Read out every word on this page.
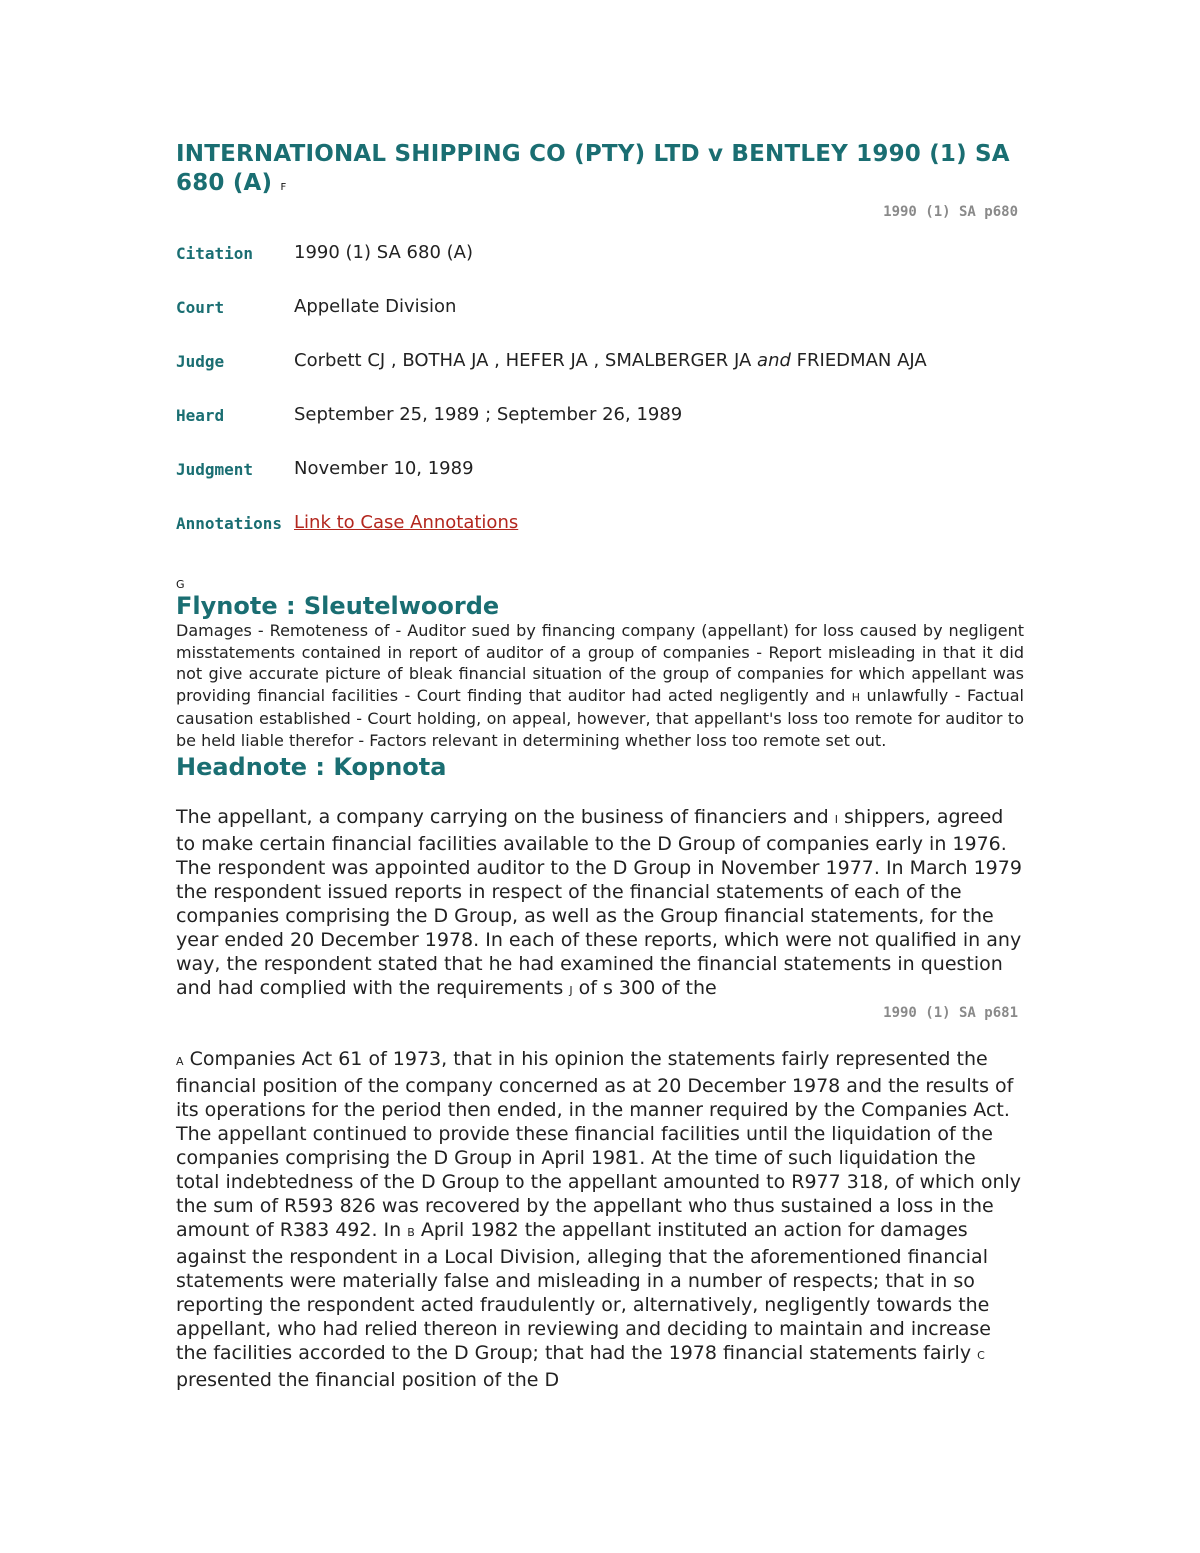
INTERNATIONAL SHIPPING CO (PTY) LTD v BENTLEY 1990 (1) SA 680 (A) F
1990 (1) SA p680
Citation	1990 (1) SA 680 (A)
Court	Appellate Division
Judge	Corbett CJ , BOTHA JA , HEFER JA , SMALBERGER JA and FRIEDMAN AJA
Heard	September 25, 1989 ; September 26, 1989
Judgment	November 10, 1989
Annotations Link to Case Annotations
G
Flynote : Sleutelwoorde

Damages - Remoteness of - Auditor sued by financing company (appellant) for loss caused by negligent misstatements contained in report of auditor of a group of companies - Report misleading in that it did not give accurate picture of bleak financial situation of the group of companies for which appellant was providing financial facilities - Court finding that auditor had acted negligently and H unlawfully - Factual causation established - Court holding, on appeal, however, that appellant's loss too remote for auditor to be held liable therefor - Factors relevant in determining whether loss too remote set out.

Headnote : Kopnota

The appellant, a company carrying on the business of financiers and I shippers, agreed to make certain financial facilities available to the D Group of companies early in 1976. The respondent was appointed auditor to the D Group in November 1977. In March 1979 the respondent issued reports in respect of the financial statements of each of the companies comprising the D Group, as well as the Group financial statements, for the year ended 20 December 1978. In each of these reports, which were not qualified in any way, the respondent stated that he had examined the financial statements in question and had complied with the requirements J of s 300 of the

1990 (1) SA p681

A Companies Act 61 of 1973, that in his opinion the statements fairly represented the financial position of the company concerned as at 20 December 1978 and the results of its operations for the period then ended, in the manner required by the Companies Act. The appellant continued to provide these financial facilities until the liquidation of the companies comprising the D Group in April 1981. At the time of such liquidation the total indebtedness of the D Group to the appellant amounted to R977 318, of which only the sum of R593 826 was recovered by the appellant who thus sustained a loss in the amount of R383 492. In B April 1982 the appellant instituted an action for damages against the respondent in a Local Division, alleging that the aforementioned financial statements were materially false and misleading in a number of respects; that in so reporting the respondent acted fraudulently or, alternatively, negligently towards the appellant, who had relied thereon in reviewing and deciding to maintain and increase the facilities accorded to the D Group; that had the 1978 financial statements fairly C presented the financial position of the D
